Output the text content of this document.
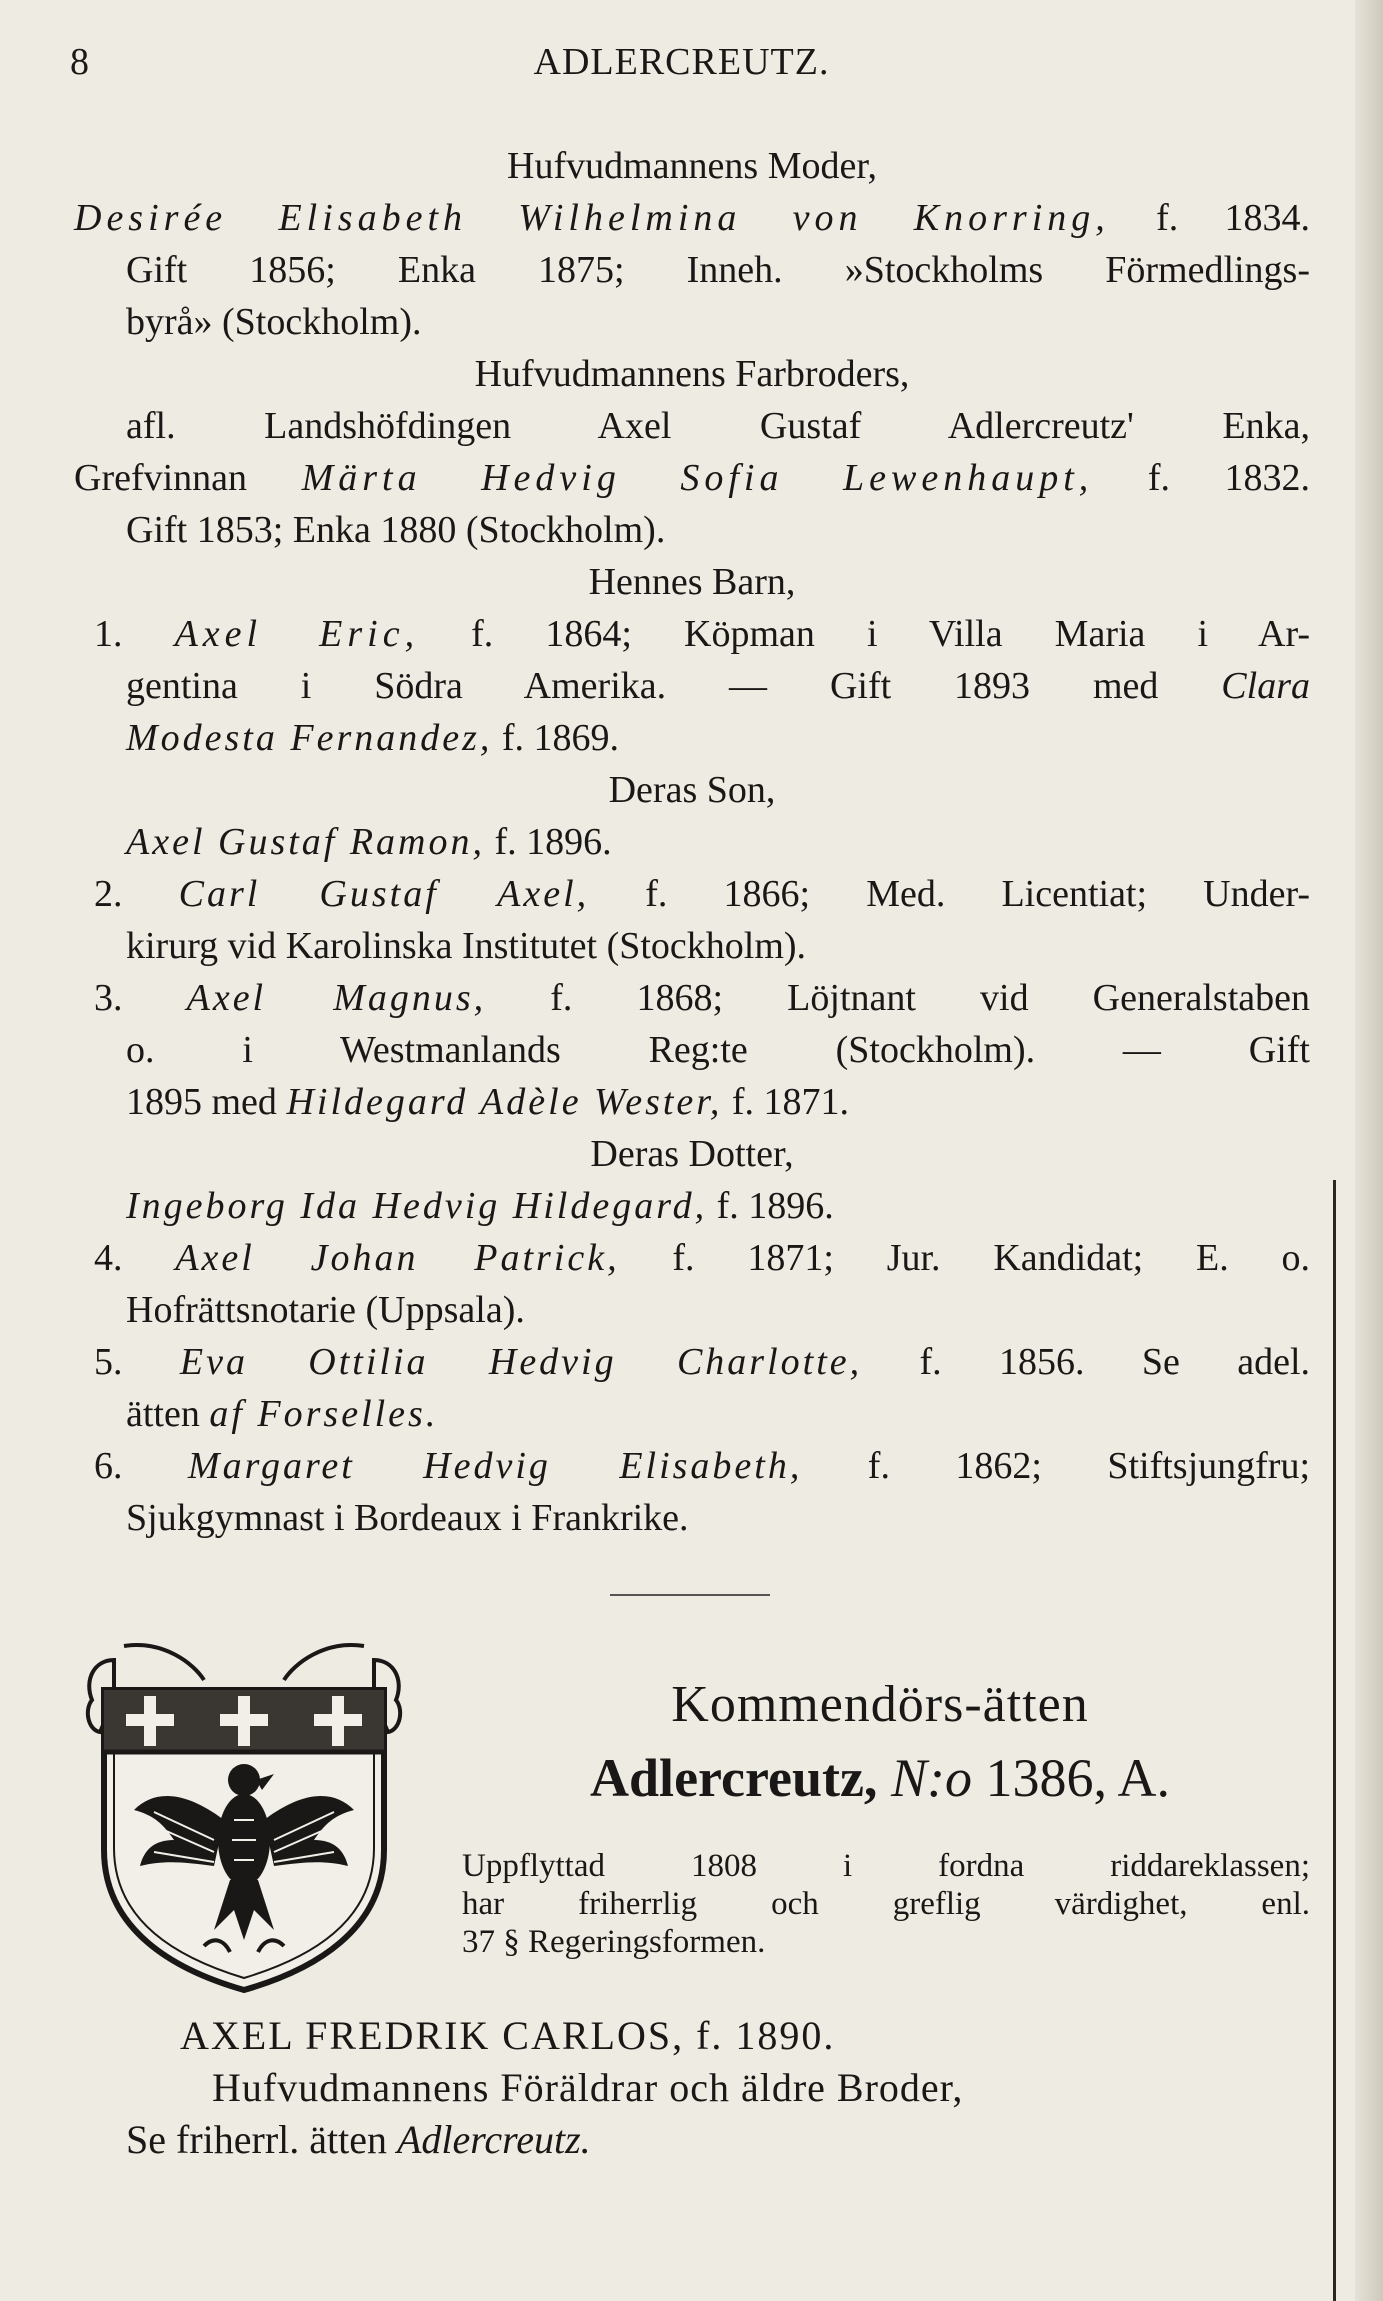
8	ADLERCREUTZ.
Hufvudmannens Moder,
Desirée Elisabeth Wilhelmina von Knorring, f. 1834.
Gift 1856; Enka 1875; Inneh. »Stockholms Förmedlings-
byrå» (Stockholm).
Hufvudmannens Farbroders,
afl. Landshöfdingen Axel Gustaf Adlercreutz' Enka,
Grefvinnan Märta Hedvig Sofia Lewenhaupt, f. 1832.
Gift 1853; Enka 1880 (Stockholm).
Hennes Barn,
1. Axel Eric, f. 1864; Köpman i Villa Maria i Ar-
gentina i Södra Amerika. — Gift 1893 med Clara
Modesta Fernandez, f. 1869.
Deras Son,
Axel Gustaf Ramon, f. 1896.
2. Carl Gustaf Axel, f. 1866; Med. Licentiat; Under-
kirurg vid Karolinska Institutet (Stockholm).
3. Axel Magnus, f. 1868; Löjtnant vid Generalstaben
o. i Westmanlands Reg:te (Stockholm). — Gift
1895 med Hildegard Adèle Wester, f. 1871.
Deras Dotter,
Ingeborg Ida Hedvig Hildegard, f. 1896.
4. Axel Johan Patrick, f. 1871; Jur. Kandidat; E. o.
Hofrättsnotarie (Uppsala).
5. Eva Ottilia Hedvig Charlotte, f. 1856. Se adel.
ätten af Forselles.
6. Margaret Hedvig Elisabeth, f. 1862; Stiftsjungfru;
Sjukgymnast i Bordeaux i Frankrike.
Kommendörs-ätten
Adlercreutz, N:o 1386, A.
Uppflyttad 1808 i fordna riddareklassen;
har friherrlig och greflig värdighet, enl.
37 § Regeringsformen.
AXEL FREDRIK CARLOS, f. 1890.
Hufvudmannens Föräldrar och äldre Broder,
Se friherrl. ätten Adlercreutz.
